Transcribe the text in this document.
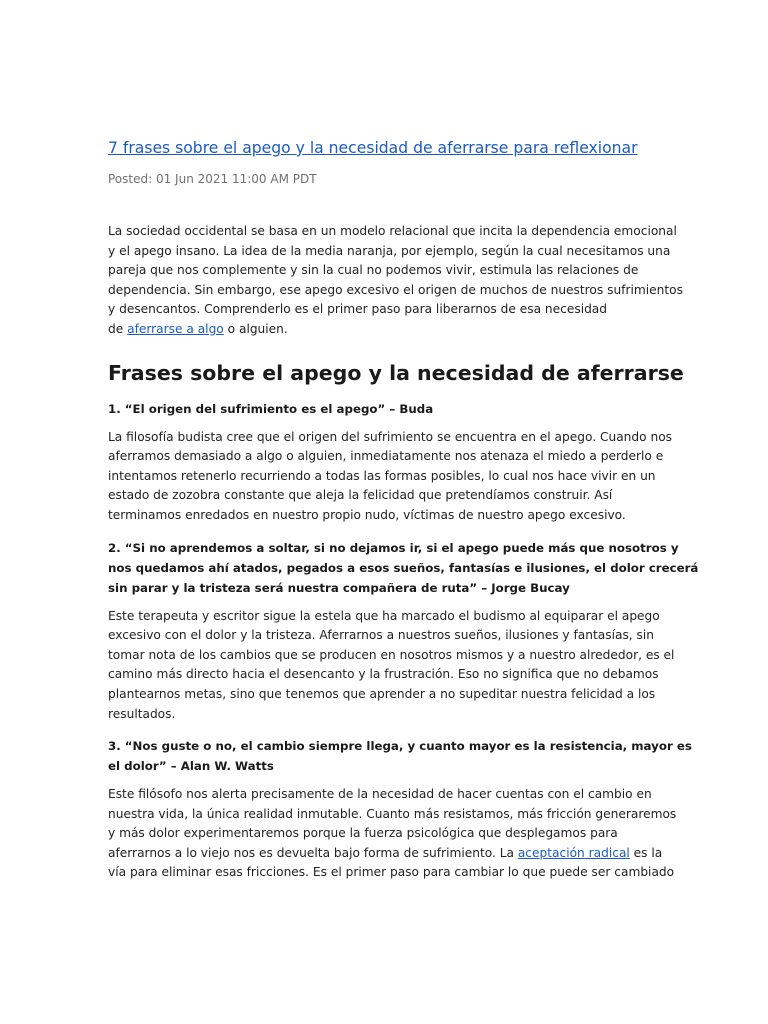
7 frases sobre el apego y la necesidad de aferrarse para reflexionar
Posted: 01 Jun 2021 11:00 AM PDT

La sociedad occidental se basa en un modelo relacional que incita la dependencia emocional
y el apego insano. La idea de la media naranja, por ejemplo, según la cual necesitamos una
pareja que nos complemente y sin la cual no podemos vivir, estimula las relaciones de
dependencia. Sin embargo, ese apego excesivo el origen de muchos de nuestros sufrimientos
y desencantos. Comprenderlo es el primer paso para liberarnos de esa necesidad
de aferrarse a algo o alguien.

Frases sobre el apego y la necesidad de aferrarse

1. “El origen del sufrimiento es el apego” – Buda

La filosofía budista cree que el origen del sufrimiento se encuentra en el apego. Cuando nos
aferramos demasiado a algo o alguien, inmediatamente nos atenaza el miedo a perderlo e
intentamos retenerlo recurriendo a todas las formas posibles, lo cual nos hace vivir en un
estado de zozobra constante que aleja la felicidad que pretendíamos construir. Así
terminamos enredados en nuestro propio nudo, víctimas de nuestro apego excesivo.

2. “Si no aprendemos a soltar, si no dejamos ir, si el apego puede más que nosotros y
nos quedamos ahí atados, pegados a esos sueños, fantasías e ilusiones, el dolor crecerá
sin parar y la tristeza será nuestra compañera de ruta” – Jorge Bucay

Este terapeuta y escritor sigue la estela que ha marcado el budismo al equiparar el apego
excesivo con el dolor y la tristeza. Aferrarnos a nuestros sueños, ilusiones y fantasías, sin
tomar nota de los cambios que se producen en nosotros mismos y a nuestro alrededor, es el
camino más directo hacia el desencanto y la frustración. Eso no significa que no debamos
plantearnos metas, sino que tenemos que aprender a no supeditar nuestra felicidad a los
resultados.

3. “Nos guste o no, el cambio siempre llega, y cuanto mayor es la resistencia, mayor es
el dolor” – Alan W. Watts

Este filósofo nos alerta precisamente de la necesidad de hacer cuentas con el cambio en
nuestra vida, la única realidad inmutable. Cuanto más resistamos, más fricción generaremos
y más dolor experimentaremos porque la fuerza psicológica que desplegamos para
aferrarnos a lo viejo nos es devuelta bajo forma de sufrimiento. La aceptación radical es la
vía para eliminar esas fricciones. Es el primer paso para cambiar lo que puede ser cambiado
